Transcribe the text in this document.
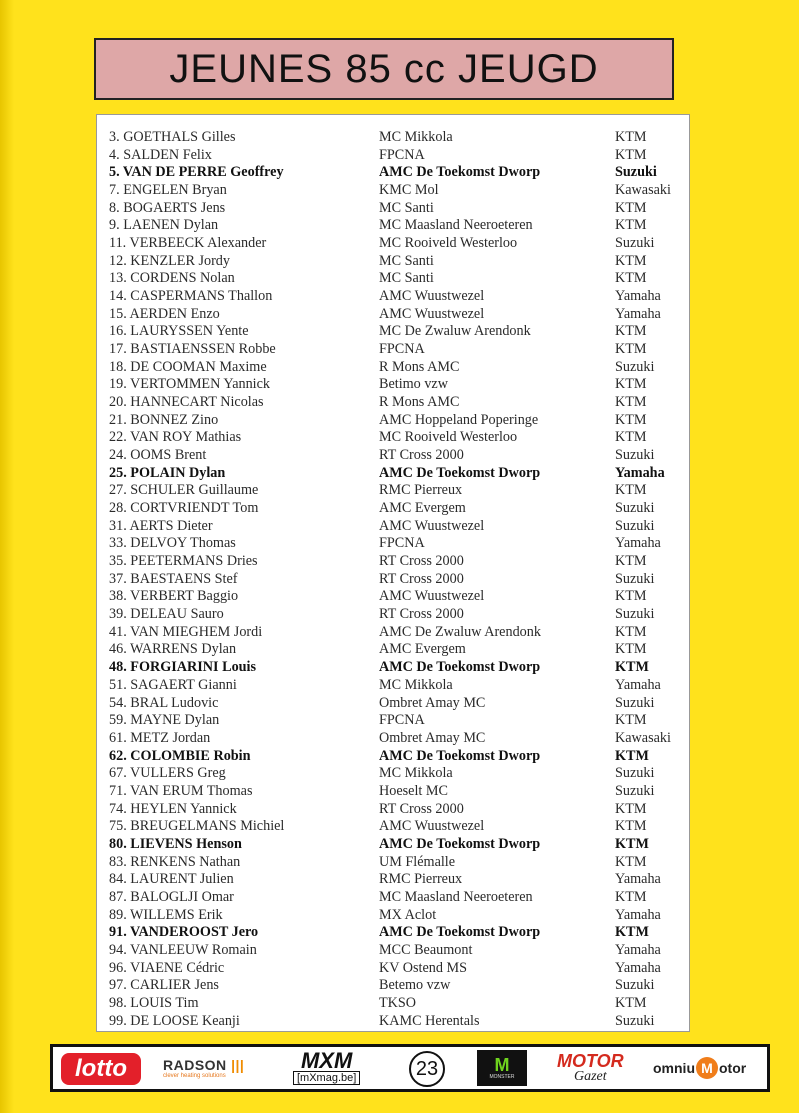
JEUNES 85 cc JEUGD
3. GOETHALS Gilles	MC Mikkola	KTM
4. SALDEN Felix	FPCNA	KTM
5. VAN DE PERRE Geoffrey	AMC De Toekomst Dworp	Suzuki
7. ENGELEN Bryan	KMC Mol	Kawasaki
8. BOGAERTS Jens	MC Santi	KTM
9. LAENEN Dylan	MC Maasland Neeroeteren	KTM
11. VERBEECK Alexander	MC Rooiveld Westerloo	Suzuki
12. KENZLER Jordy	MC Santi	KTM
13. CORDENS Nolan	MC Santi	KTM
14. CASPERMANS Thallon	AMC Wuustwezel	Yamaha
15. AERDEN Enzo	AMC Wuustwezel	Yamaha
16. LAURYSSEN Yente	MC De Zwaluw Arendonk	KTM
17. BASTIAENSSEN Robbe	FPCNA	KTM
18. DE COOMAN Maxime	R Mons AMC	Suzuki
19. VERTOMMEN Yannick	Betimo vzw	KTM
20. HANNECART Nicolas	R Mons AMC	KTM
21. BONNEZ Zino	AMC Hoppeland Poperinge	KTM
22. VAN ROY Mathias	MC Rooiveld Westerloo	KTM
24. OOMS Brent	RT Cross 2000	Suzuki
25. POLAIN Dylan	AMC De Toekomst Dworp	Yamaha
27. SCHULER Guillaume	RMC Pierreux	KTM
28. CORTVRIENDT Tom	AMC Evergem	Suzuki
31. AERTS Dieter	AMC Wuustwezel	Suzuki
33. DELVOY Thomas	FPCNA	Yamaha
35. PEETERMANS Dries	RT Cross 2000	KTM
37. BAESTAENS Stef	RT Cross 2000	Suzuki
38. VERBERT Baggio	AMC Wuustwezel	KTM
39. DELEAU Sauro	RT Cross 2000	Suzuki
41. VAN MIEGHEM Jordi	AMC De Zwaluw Arendonk	KTM
46. WARRENS Dylan	AMC Evergem	KTM
48. FORGIARINI Louis	AMC De Toekomst Dworp	KTM
51. SAGAERT Gianni	MC Mikkola	Yamaha
54. BRAL Ludovic	Ombret Amay MC	Suzuki
59. MAYNE Dylan	FPCNA	KTM
61. METZ Jordan	Ombret Amay MC	Kawasaki
62. COLOMBIE Robin	AMC De Toekomst Dworp	KTM
67. VULLERS Greg	MC Mikkola	Suzuki
71. VAN ERUM Thomas	Hoeselt MC	Suzuki
74. HEYLEN Yannick	RT Cross 2000	KTM
75. BREUGELMANS Michiel	AMC Wuustwezel	KTM
80. LIEVENS Henson	AMC De Toekomst Dworp	KTM
83. RENKENS Nathan	UM Flémalle	KTM
84. LAURENT Julien	RMC Pierreux	Yamaha
87. BALOGLJI Omar	MC Maasland Neeroeteren	KTM
89. WILLEMS Erik	MX Aclot	Yamaha
91. VANDEROOST Jero	AMC De Toekomst Dworp	KTM
94. VANLEEUW Romain	MCC Beaumont	Yamaha
96. VIAENE Cédric	KV Ostend MS	Yamaha
97. CARLIER Jens	Betemo vzw	Suzuki
98. LOUIS Tim	TKSO	KTM
99. DE LOOSE Keanji	KAMC Herentals	Suzuki
lotto	RADSON |||
clever heating solutions
MXM
[mXmag.be]	23	M
MONSTER
MOTOR
Gazet
omniu M otor
